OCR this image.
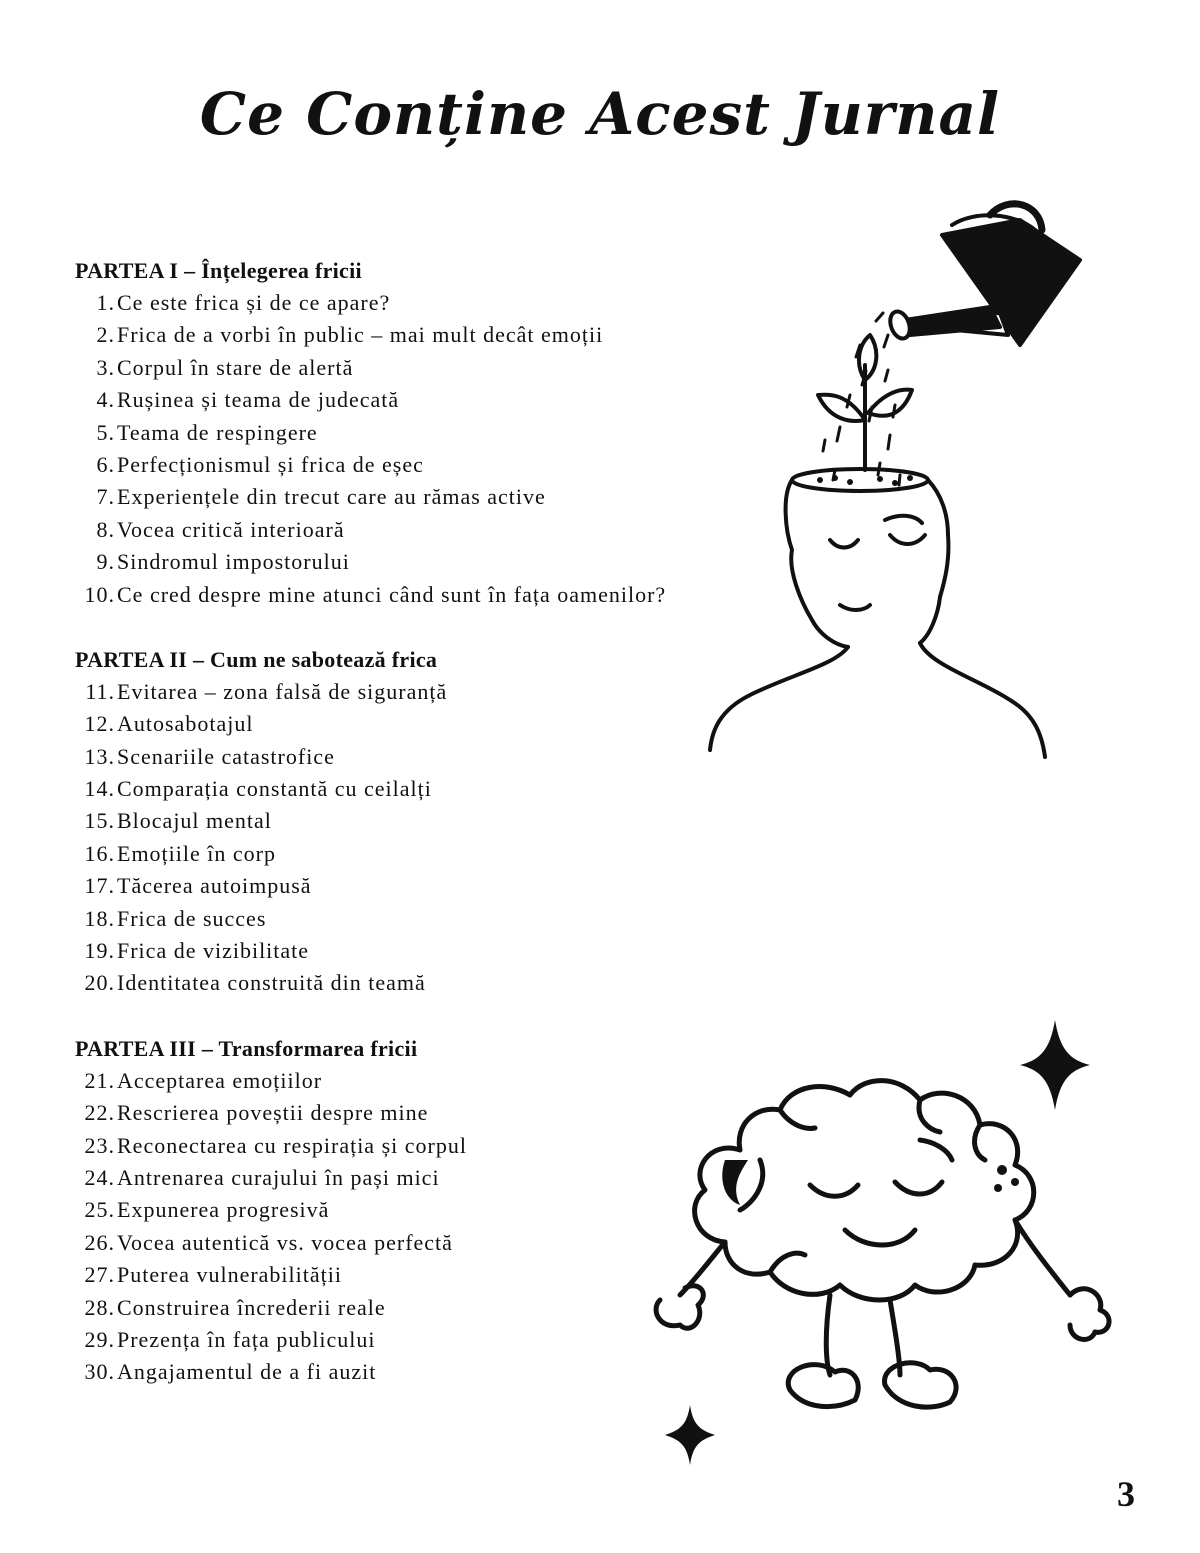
Ce Conține Acest Jurnal
PARTEA I – Înțelegerea fricii
1. Ce este frica și de ce apare?
2. Frica de a vorbi în public – mai mult decât emoții
3. Corpul în stare de alertă
4. Rușinea și teama de judecată
5. Teama de respingere
6. Perfecționismul și frica de eșec
7. Experiențele din trecut care au rămas active
8. Vocea critică interioară
9. Sindromul impostorului
10. Ce cred despre mine atunci când sunt în fața oamenilor?
PARTEA II – Cum ne sabotează frica
11. Evitarea – zona falsă de siguranță
12. Autosabotajul
13. Scenariile catastrofice
14. Comparația constantă cu ceilalți
15. Blocajul mental
16. Emoțiile în corp
17. Tăcerea autoimpusă
18. Frica de succes
19. Frica de vizibilitate
20. Identitatea construită din teamă
PARTEA III – Transformarea fricii
21. Acceptarea emoțiilor
22. Rescrierea poveștii despre mine
23. Reconectarea cu respirația și corpul
24. Antrenarea curajului în pași mici
25. Expunerea progresivă
26. Vocea autentică vs. vocea perfectă
27. Puterea vulnerabilității
28. Construirea încrederii reale
29. Prezența în fața publicului
30. Angajamentul de a fi auzit
3
